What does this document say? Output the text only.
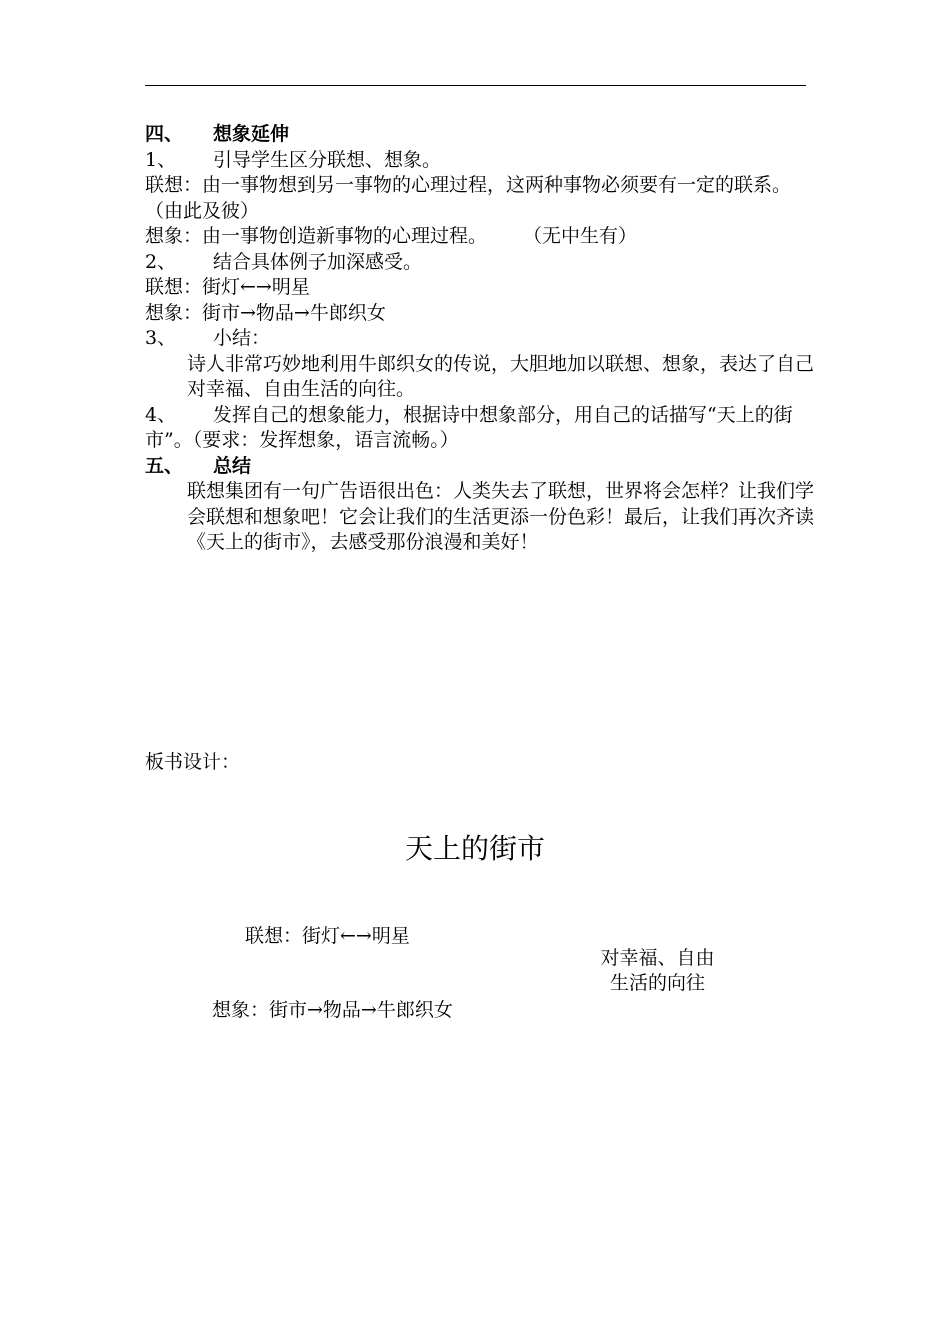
四、 想象延伸
1、 引导学生区分联想、想象。
联想：由一事物想到另一事物的心理过程，这两种事物必须要有一定的联系。（由此及彼）
想象：由一事物创造新事物的心理过程。 （无中生有）
2、 结合具体例子加深感受。
联想：街灯←→明星
想象：街市→物品→牛郎织女
3、 小结：
诗人非常巧妙地利用牛郎织女的传说，大胆地加以联想、想象，表达了自己对幸福、自由生活的向往。
4、 发挥自己的想象能力，根据诗中想象部分，用自己的话描写“天上的街市”。（要求：发挥想象，语言流畅。）
五、 总结
联想集团有一句广告语很出色：人类失去了联想，世界将会怎样？让我们学会联想和想象吧！它会让我们的生活更添一份色彩！最后，让我们再次齐读《天上的街市》，去感受那份浪漫和美好！
板书设计：
天上的街市
联想：街灯←→明星
对幸福、自由
生活的向往
想象：街市→物品→牛郎织女
